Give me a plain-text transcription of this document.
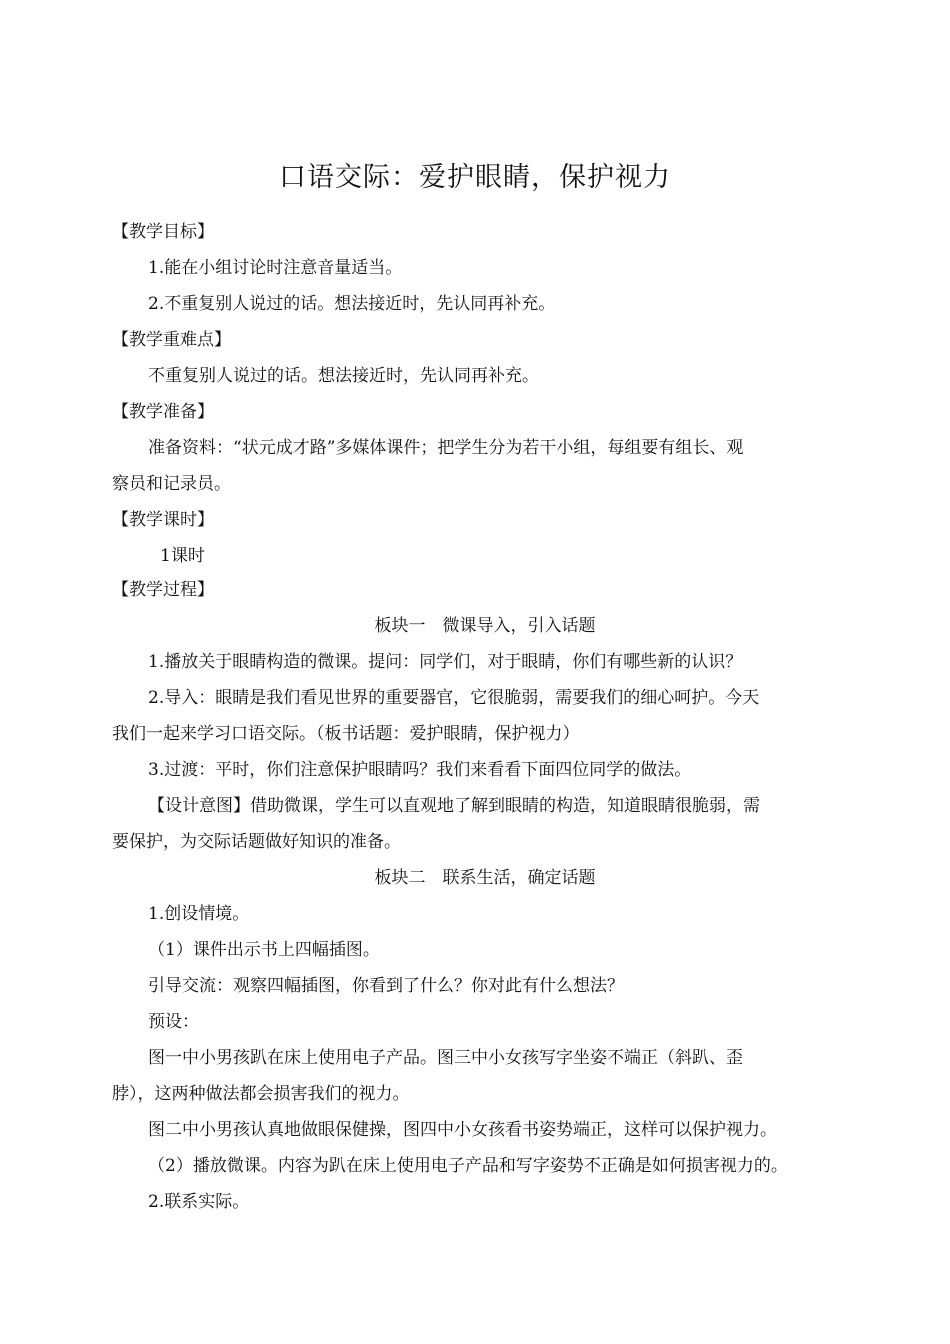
口语交际：爱护眼睛，保护视力
【教学目标】
1.能在小组讨论时注意音量适当。
2.不重复别人说过的话。想法接近时，先认同再补充。
【教学重难点】
不重复别人说过的话。想法接近时，先认同再补充。
【教学准备】
准备资料：“状元成才路”多媒体课件；把学生分为若干小组，每组要有组长、观
察员和记录员。
【教学课时】
1课时
【教学过程】
板块一　微课导入，引入话题
1.播放关于眼睛构造的微课。提问：同学们，对于眼睛，你们有哪些新的认识？
2.导入：眼睛是我们看见世界的重要器官，它很脆弱，需要我们的细心呵护。今天
我们一起来学习口语交际。（板书话题：爱护眼睛，保护视力）
3.过渡：平时，你们注意保护眼睛吗？我们来看看下面四位同学的做法。
【设计意图】借助微课，学生可以直观地了解到眼睛的构造，知道眼睛很脆弱，需
要保护，为交际话题做好知识的准备。
板块二　联系生活，确定话题
1.创设情境。
（1）课件出示书上四幅插图。
引导交流：观察四幅插图，你看到了什么？你对此有什么想法？
预设：
图一中小男孩趴在床上使用电子产品。图三中小女孩写字坐姿不端正（斜趴、歪
脖），这两种做法都会损害我们的视力。
图二中小男孩认真地做眼保健操，图四中小女孩看书姿势端正，这样可以保护视力。
（2）播放微课。内容为趴在床上使用电子产品和写字姿势不正确是如何损害视力的。
2.联系实际。
